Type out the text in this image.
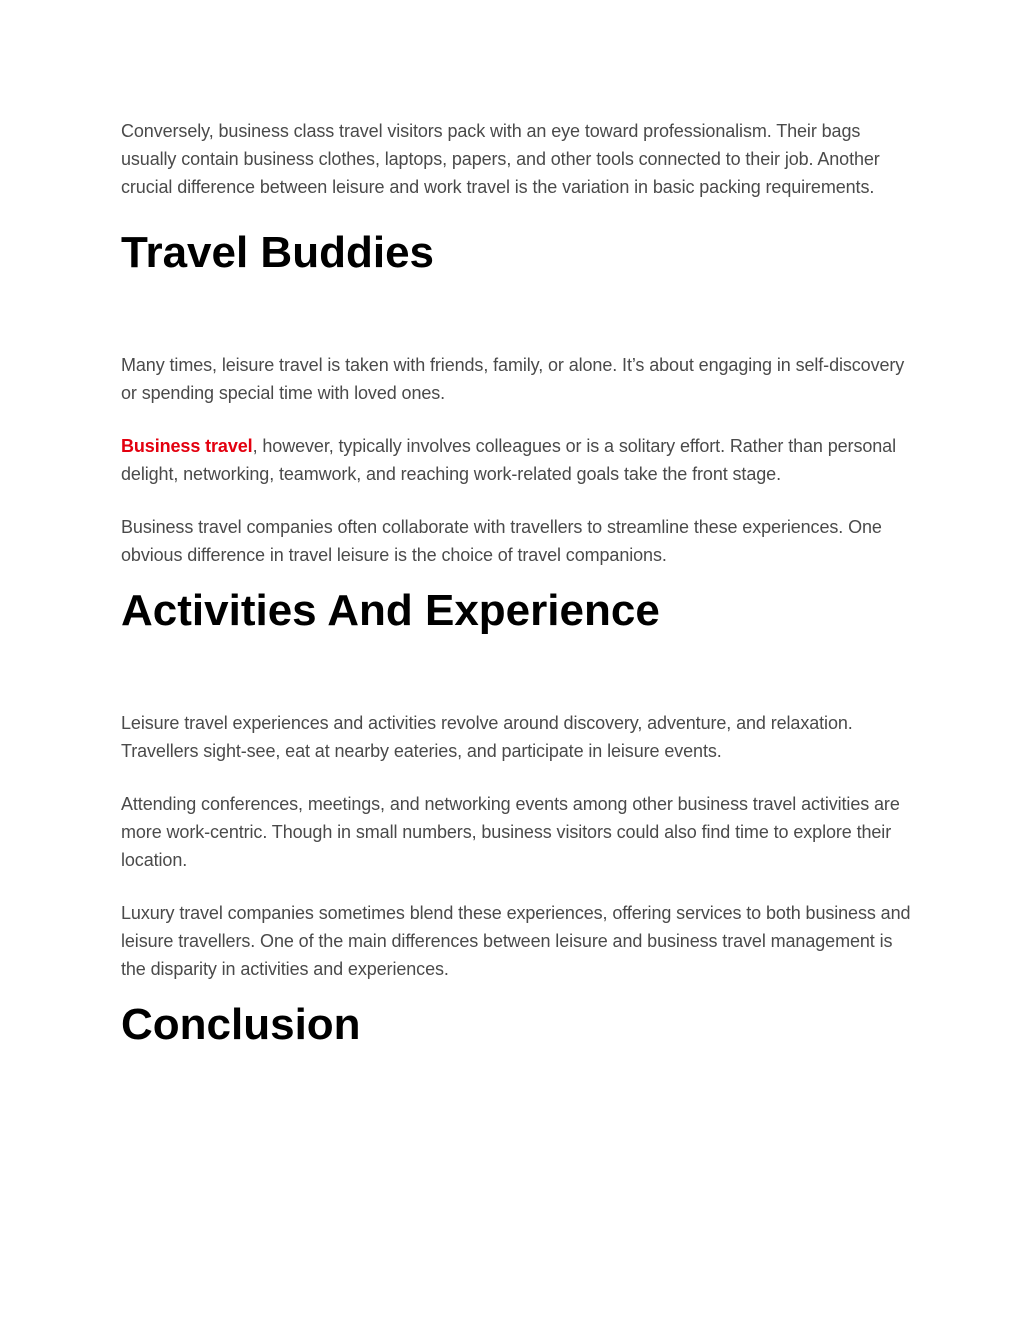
Conversely, business class travel visitors pack with an eye toward professionalism. Their bags usually contain business clothes, laptops, papers, and other tools connected to their job. Another crucial difference between leisure and work travel is the variation in basic packing requirements.

Travel Buddies

Many times, leisure travel is taken with friends, family, or alone. It’s about engaging in self-discovery or spending special time with loved ones.

Business travel, however, typically involves colleagues or is a solitary effort. Rather than personal delight, networking, teamwork, and reaching work-related goals take the front stage.

Business travel companies often collaborate with travellers to streamline these experiences. One obvious difference in travel leisure is the choice of travel companions.

Activities And Experience

Leisure travel experiences and activities revolve around discovery, adventure, and relaxation. Travellers sight-see, eat at nearby eateries, and participate in leisure events.

Attending conferences, meetings, and networking events among other business travel activities are more work-centric. Though in small numbers, business visitors could also find time to explore their location.

Luxury travel companies sometimes blend these experiences, offering services to both business and leisure travellers. One of the main differences between leisure and business travel management is the disparity in activities and experiences.

Conclusion
